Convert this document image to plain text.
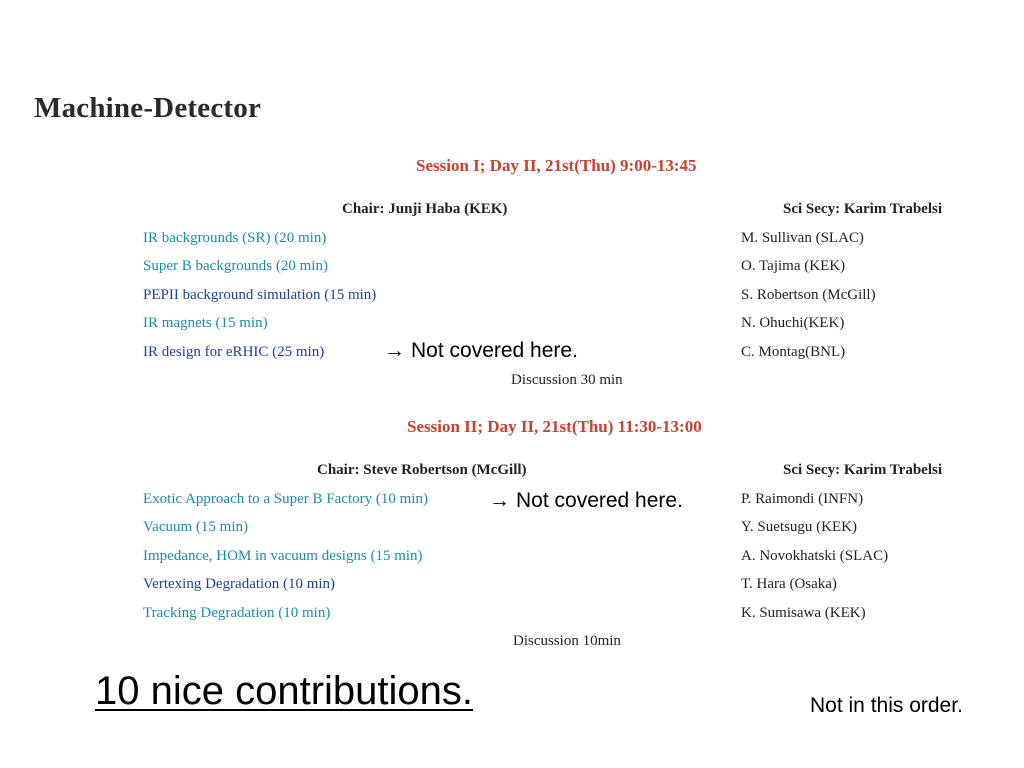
Machine-Detector
Session I; Day II, 21st(Thu) 9:00-13:45
Chair: Junji Haba (KEK)	Sci Secy: Karim Trabelsi
IR backgrounds (SR) (20 min)	M. Sullivan (SLAC)
Super B backgrounds (20 min)	O. Tajima (KEK)
PEPII background simulation (15 min)	S. Robertson (McGill)
IR magnets (15 min)	N. Ohuchi(KEK)
IR design for eRHIC (25 min)	→ Not covered here.	C. Montag(BNL)
Discussion 30 min
Session II; Day II, 21st(Thu) 11:30-13:00
Chair: Steve Robertson (McGill)	Sci Secy: Karim Trabelsi
Exotic Approach to a Super B Factory (10 min)	→ Not covered here.	P. Raimondi (INFN)
Vacuum (15 min)	Y. Suetsugu (KEK)
Impedance, HOM in vacuum designs (15 min)	A. Novokhatski (SLAC)
Vertexing Degradation (10 min)	T. Hara (Osaka)
Tracking Degradation (10 min)	K. Sumisawa (KEK)
Discussion 10min
10 nice contributions.	Not in this order.
